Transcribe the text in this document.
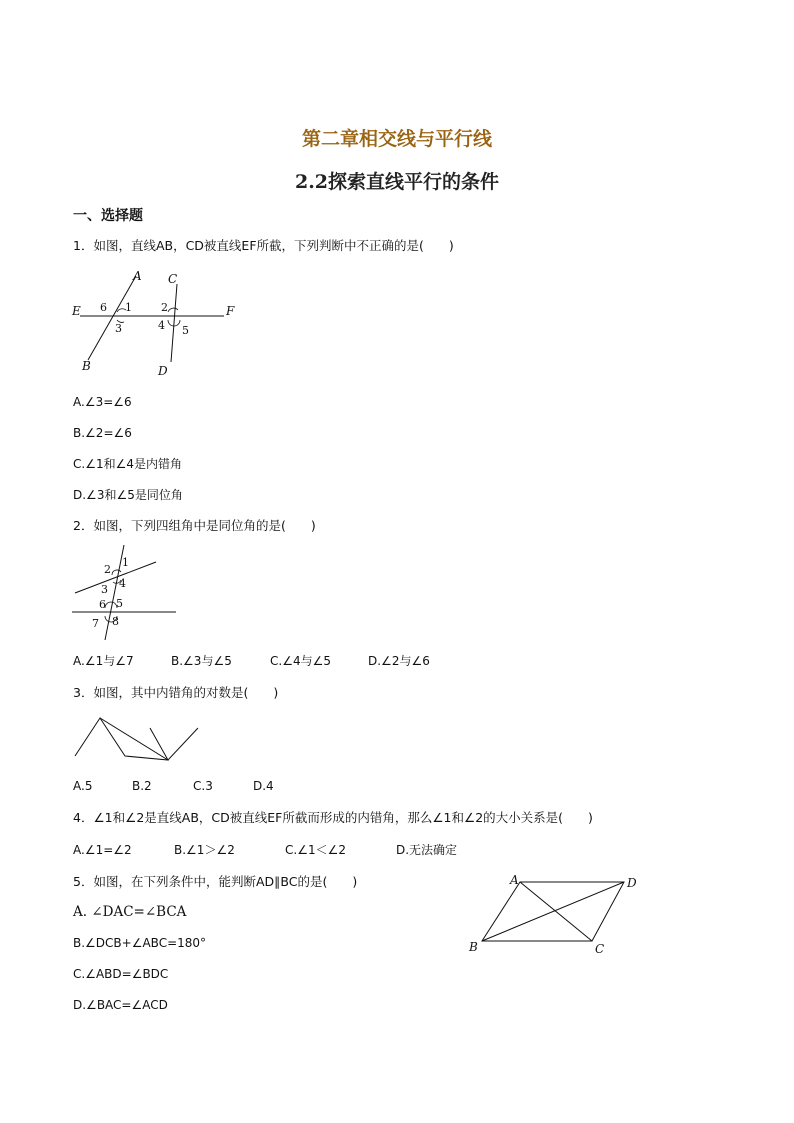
第二章相交线与平行线
2.2探索直线平行的条件
一、选择题
1．如图，直线AB，CD被直线EF所截，下列判断中不正确的是(　　)
A
B
C
D
E	F
1	2
3	4 5
6
A.∠3=∠6
B.∠2=∠6
C.∠1和∠4是内错角
D.∠3和∠5是同位角
2．如图，下列四组角中是同位角的是(　　)
1
2
3 4
5
6
7 8
A.∠1与∠7	B.∠3与∠5	C.∠4与∠5	D.∠2与∠6
3．如图，其中内错角的对数是(　　)
A.5	B.2	C.3	D.4
4．∠1和∠2是直线AB，CD被直线EF所截而形成的内错角，那么∠1和∠2的大小关系是(　　)
A.∠1=∠2	B.∠1＞∠2	C.∠1＜∠2	D.无法确定
5．如图，在下列条件中，能判断AD∥BC的是(　　)	A
B	C
D
A. ∠DAC=∠BCA
B.∠DCB+∠ABC=180°
C.∠ABD=∠BDC
D.∠BAC=∠ACD
